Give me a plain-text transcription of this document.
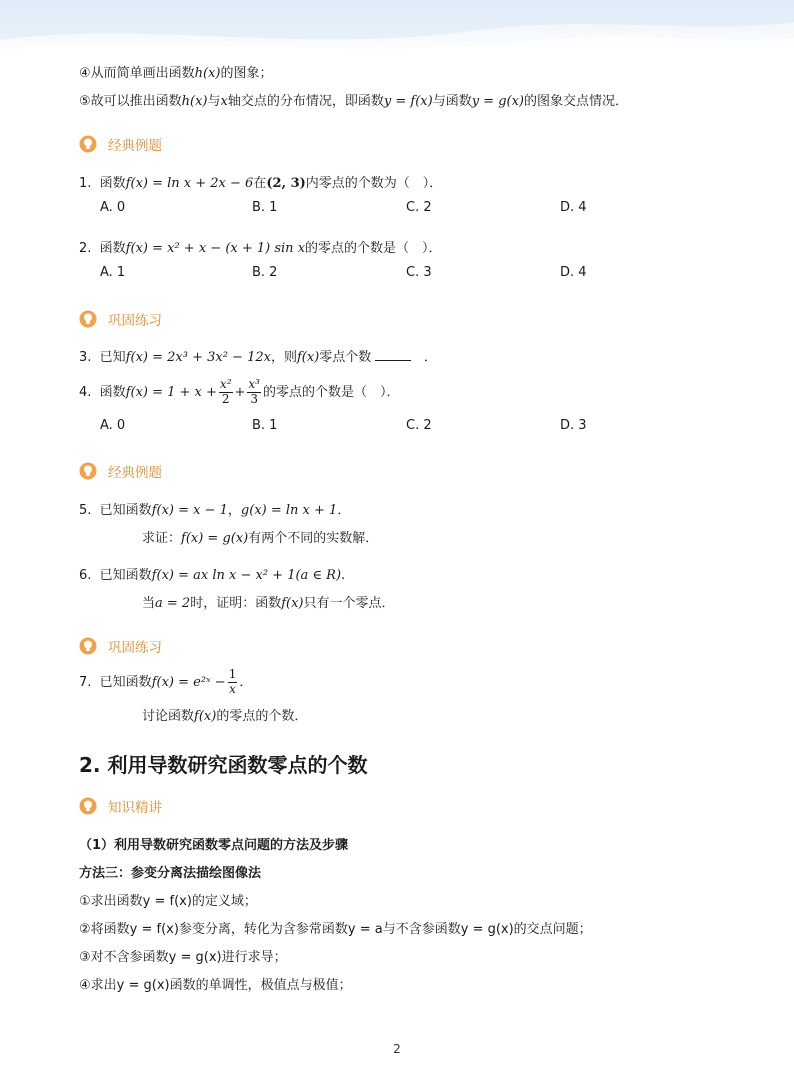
④从而简单画出函数h(x)的图象；
⑤故可以推出函数h(x)与x轴交点的分布情况，即函数y = f(x)与函数y = g(x)的图象交点情况．
经典例题
1. 函数f(x) = ln x + 2x − 6在(2, 3)内零点的个数为（　）．
A. 0	B. 1	C. 2	D. 4
2. 函数f(x) = x² + x − (x + 1) sin x的零点的个数是（　）．
A. 1	B. 2	C. 3	D. 4
巩固练习
3. 已知f(x) = 2x³ + 3x² − 12x，则f(x)零点个数	．
4. 函数$f(x) = 1 + x + \frac{\text{x²}}{2} + \frac{\text{x³}}{3}$ 的零点的个数是（　）．
A. 0	B. 1	C. 2	D. 3
经典例题
5. 已知函数f(x) = x − 1，g(x) = ln x + 1．
求证：f(x) = g(x)有两个不同的实数解．
6. 已知函数f(x) = ax ln x − x² + 1(a ∈ R).
当a = 2时，证明：函数f(x)只有一个零点．
巩固练习
7. 已知函数f(x) = e²ˣ − $\frac{1}{x}$ ．
讨论函数f(x)的零点的个数．
2. 利用导数研究函数零点的个数
知识精讲
（1）利用导数研究函数零点问题的方法及步骤
方法三：参变分离法描绘图像法
①求出函数y = f(x)的定义域；
②将函数y = f(x)参变分离，转化为含参常函数y = a与不含参函数y = g(x)的交点问题；
③对不含参函数y = g(x)进行求导；
④求出y = g(x)函数的单调性，极值点与极值；
2
